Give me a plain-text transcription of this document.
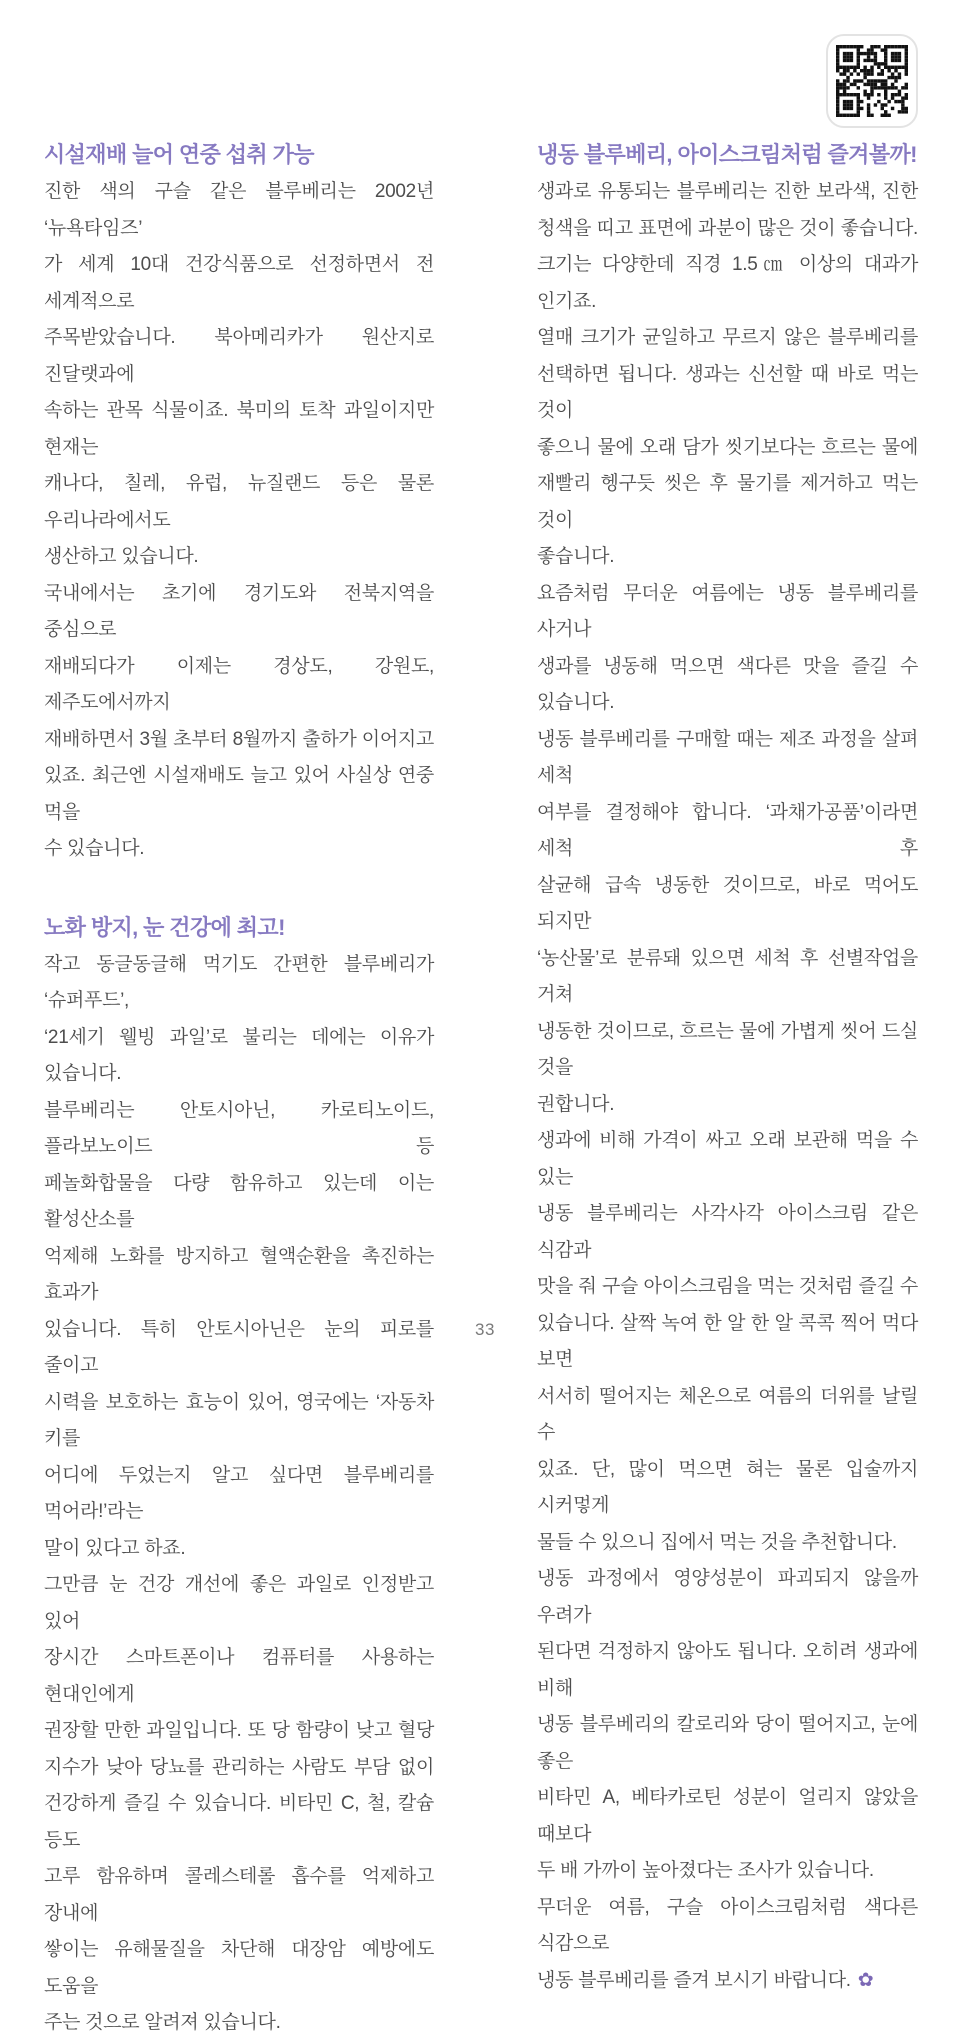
시설재배 늘어 연중 섭취 가능
진한 색의 구슬 같은 블루베리는 2002년 ‘뉴욕타임즈’
가 세계 10대 건강식품으로 선정하면서 전 세계적으로
주목받았습니다. 북아메리카가 원산지로 진달랫과에
속하는 관목 식물이죠. 북미의 토착 과일이지만 현재는
캐나다, 칠레, 유럽, 뉴질랜드 등은 물론 우리나라에서도
생산하고 있습니다.
국내에서는 초기에 경기도와 전북지역을 중심으로
재배되다가 이제는 경상도, 강원도, 제주도에서까지
재배하면서 3월 초부터 8월까지 출하가 이어지고
있죠. 최근엔 시설재배도 늘고 있어 사실상 연중 먹을
수 있습니다.
노화 방지, 눈 건강에 최고!
작고 동글동글해 먹기도 간편한 블루베리가 ‘슈퍼푸드’,
‘21세기 웰빙 과일’로 불리는 데에는 이유가 있습니다.
블루베리는 안토시아닌, 카로티노이드, 플라보노이드 등
페놀화합물을 다량 함유하고 있는데 이는 활성산소를
억제해 노화를 방지하고 혈액순환을 촉진하는 효과가
있습니다. 특히 안토시아닌은 눈의 피로를 줄이고
시력을 보호하는 효능이 있어, 영국에는 ‘자동차 키를
어디에 두었는지 알고 싶다면 블루베리를 먹어라!’라는
말이 있다고 하죠.
그만큼 눈 건강 개선에 좋은 과일로 인정받고 있어
장시간 스마트폰이나 컴퓨터를 사용하는 현대인에게
권장할 만한 과일입니다. 또 당 함량이 낮고 혈당
지수가 낮아 당뇨를 관리하는 사람도 부담 없이
건강하게 즐길 수 있습니다. 비타민 C, 철, 칼슘 등도
고루 함유하며 콜레스테롤 흡수를 억제하고 장내에
쌓이는 유해물질을 차단해 대장암 예방에도 도움을
주는 것으로 알려져 있습니다.
냉동 블루베리, 아이스크림처럼 즐겨볼까!
생과로 유통되는 블루베리는 진한 보라색, 진한
청색을 띠고 표면에 과분이 많은 것이 좋습니다.
크기는 다양한데 직경 1.5㎝ 이상의 대과가 인기죠.
열매 크기가 균일하고 무르지 않은 블루베리를
선택하면 됩니다. 생과는 신선할 때 바로 먹는 것이
좋으니 물에 오래 담가 씻기보다는 흐르는 물에
재빨리 헹구듯 씻은 후 물기를 제거하고 먹는 것이
좋습니다.
요즘처럼 무더운 여름에는 냉동 블루베리를 사거나
생과를 냉동해 먹으면 색다른 맛을 즐길 수 있습니다.
냉동 블루베리를 구매할 때는 제조 과정을 살펴 세척
여부를 결정해야 합니다. ‘과채가공품’이라면 세척 후
살균해 급속 냉동한 것이므로, 바로 먹어도 되지만
‘농산물’로 분류돼 있으면 세척 후 선별작업을 거쳐
냉동한 것이므로, 흐르는 물에 가볍게 씻어 드실 것을
권합니다.
생과에 비해 가격이 싸고 오래 보관해 먹을 수 있는
냉동 블루베리는 사각사각 아이스크림 같은 식감과
맛을 줘 구슬 아이스크림을 먹는 것처럼 즐길 수
있습니다. 살짝 녹여 한 알 한 알 콕콕 찍어 먹다 보면
서서히 떨어지는 체온으로 여름의 더위를 날릴 수
있죠. 단, 많이 먹으면 혀는 물론 입술까지 시커멓게
물들 수 있으니 집에서 먹는 것을 추천합니다.
냉동 과정에서 영양성분이 파괴되지 않을까 우려가
된다면 걱정하지 않아도 됩니다. 오히려 생과에 비해
냉동 블루베리의 칼로리와 당이 떨어지고, 눈에 좋은
비타민 A, 베타카로틴 성분이 얼리지 않았을 때보다
두 배 가까이 높아졌다는 조사가 있습니다.
무더운 여름, 구슬 아이스크림처럼 색다른 식감으로
냉동 블루베리를 즐겨 보시기 바랍니다. ✿
33
